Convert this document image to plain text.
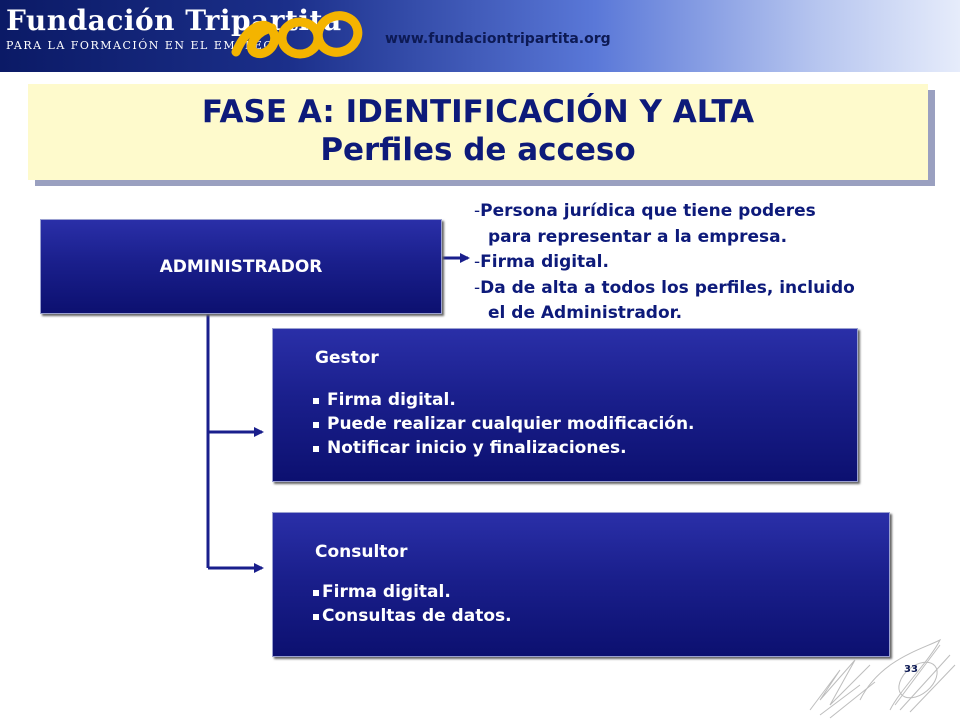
Fundación Tripartita
PARA LA FORMACIÓN EN EL EMPLEO	www.fundaciontripartita.org
FASE A: IDENTIFICACIÓN Y ALTA
Perfiles de acceso
ADMINISTRADOR
-Persona jurídica que tiene poderes
para representar a la empresa.
-Firma digital.
-Da de alta a todos los perfiles, incluido
el de Administrador.
Gestor
Firma digital.
Puede realizar cualquier modificación.
Notificar inicio y finalizaciones.
Consultor
Firma digital.
Consultas de datos.
33
